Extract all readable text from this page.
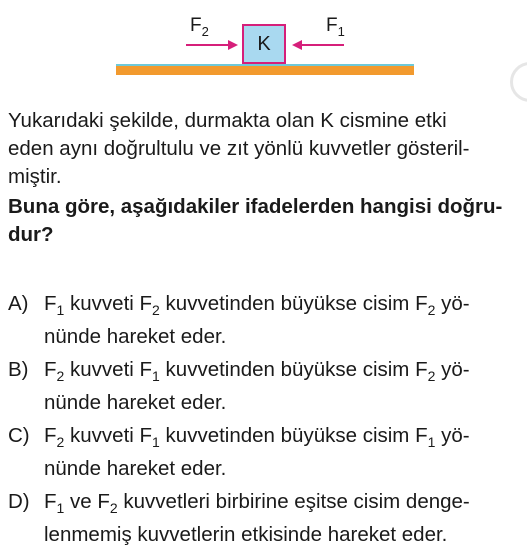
$F_2$	$F_1$
K
Yukarıdaki şekilde, durmakta olan K cismine etki
eden aynı doğrultulu ve zıt yönlü kuvvetler gösteril-
miştir.
Buna göre, aşağıdakiler ifadelerden hangisi doğru-
dur?
A) $F_1$ kuvveti $F_2$ kuvvetinden büyükse cisim $F_2$ yö-
nünde hareket eder.
B) $F_2$ kuvveti $F_1$ kuvvetinden büyükse cisim $F_2$ yö-
nünde hareket eder.
C) $F_2$ kuvveti $F_1$ kuvvetinden büyükse cisim $F_1$ yö-
nünde hareket eder.
D) $F_1$ ve $F_2$ kuvvetleri birbirine eşitse cisim denge-
lenmemiş kuvvetlerin etkisinde hareket eder.
